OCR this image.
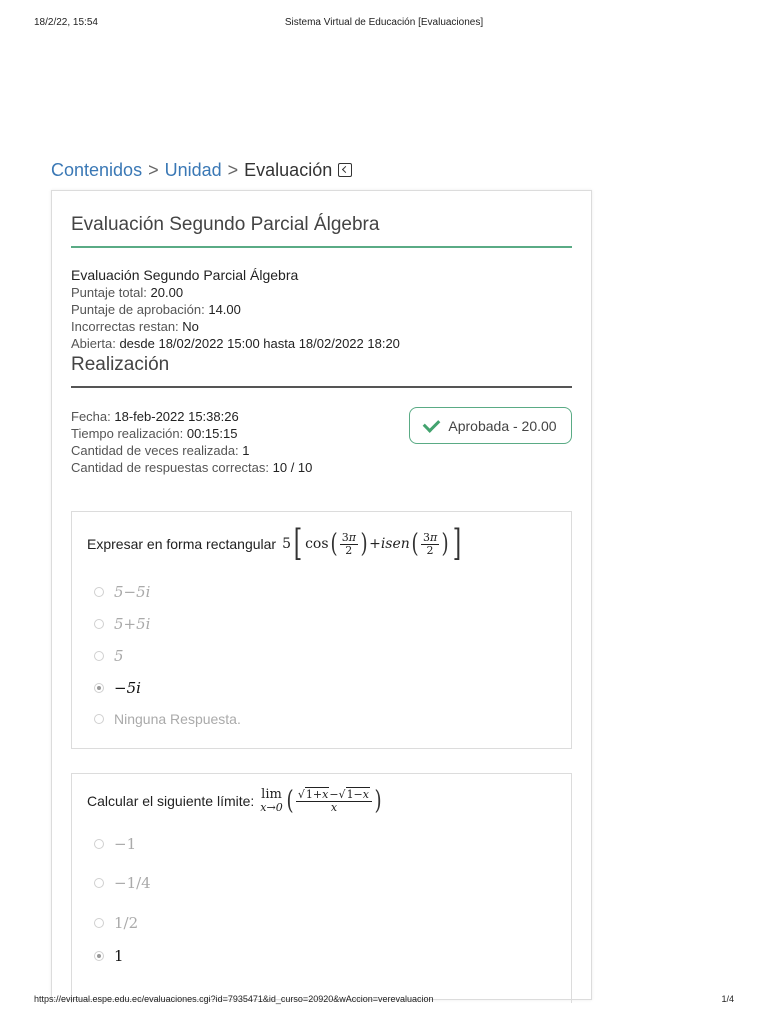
18/2/22, 15:54	Sistema Virtual de Educación [Evaluaciones]
Contenidos > Unidad > Evaluación
Evaluación Segundo Parcial Álgebra
Evaluación Segundo Parcial Álgebra
Puntaje total: 20.00
Puntaje de aprobación: 14.00
Incorrectas restan: No
Abierta: desde 18/02/2022 15:00 hasta 18/02/2022 18:20
Realización
Fecha: 18-feb-2022 15:38:26
Tiempo realización: 00:15:15
Cantidad de veces realizada: 1
Cantidad de respuestas correctas: 10 / 10
Aprobada - 20.00
Expresar en forma rectangular 5 [ cos ( $\frac{3\pi}{2}$ ) + isen ( $\frac{3\pi}{2}$ ) ]
5−5i
5+5i
5
−5i
Ninguna Respuesta.
Calcular el siguiente límite: lim
x→0 ( $\frac{√1+x-√1-x}{x}$ )
−1
−1/4
1/2
1
https://evirtual.espe.edu.ec/evaluaciones.cgi?id=7935471&id_curso=20920&wAccion=verevaluacion	1/4
